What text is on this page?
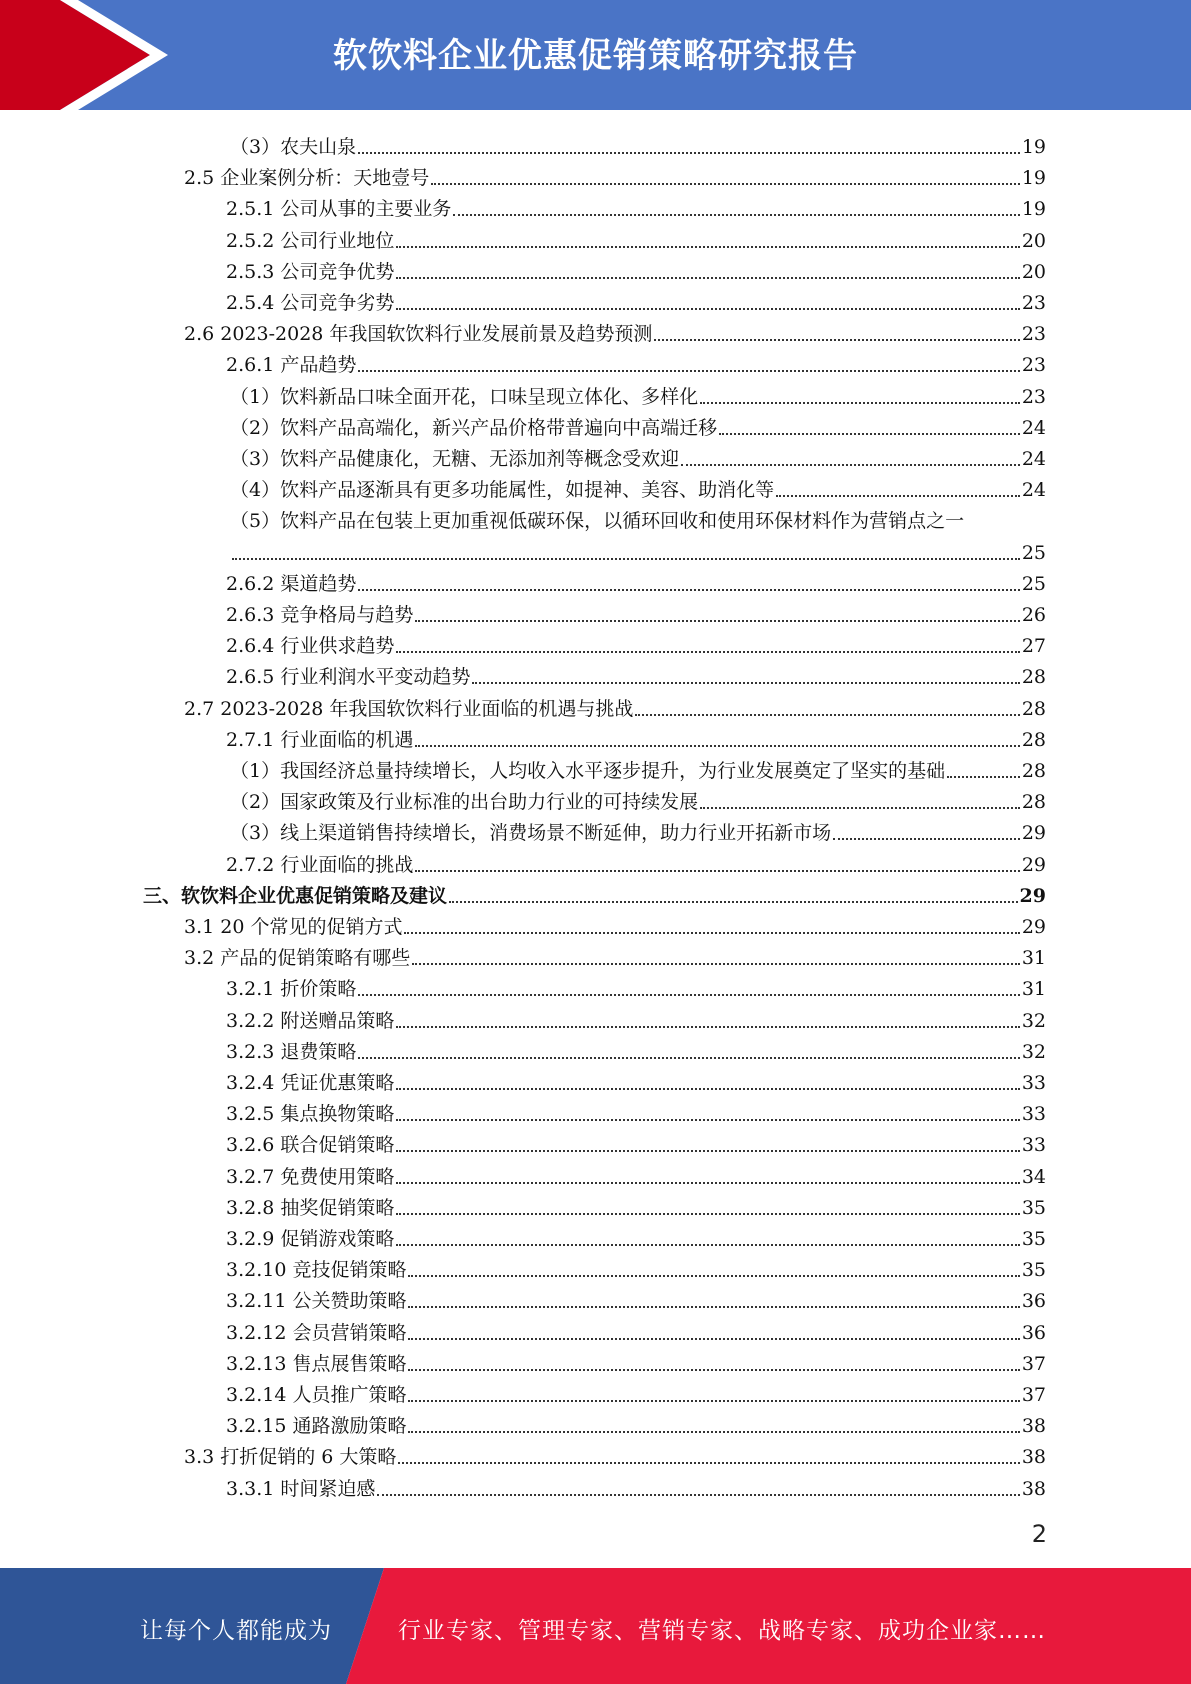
软饮料企业优惠促销策略研究报告
（3）农夫山泉	19
2.5 企业案例分析：天地壹号	19
2.5.1 公司从事的主要业务	19
2.5.2 公司行业地位	20
2.5.3 公司竞争优势	20
2.5.4 公司竞争劣势	23
2.6 2023-2028 年我国软饮料行业发展前景及趋势预测	23
2.6.1 产品趋势	23
（1）饮料新品口味全面开花，口味呈现立体化、多样化	23
（2）饮料产品高端化，新兴产品价格带普遍向中高端迁移	24
（3）饮料产品健康化，无糖、无添加剂等概念受欢迎	24
（4）饮料产品逐渐具有更多功能属性，如提神、美容、助消化等	24
（5）饮料产品在包装上更加重视低碳环保，以循环回收和使用环保材料作为营销点之一
25
2.6.2 渠道趋势	25
2.6.3 竞争格局与趋势	26
2.6.4 行业供求趋势	27
2.6.5 行业利润水平变动趋势	28
2.7 2023-2028 年我国软饮料行业面临的机遇与挑战	28
2.7.1 行业面临的机遇	28
（1）我国经济总量持续增长，人均收入水平逐步提升，为行业发展奠定了坚实的基础	28
（2）国家政策及行业标准的出台助力行业的可持续发展	28
（3）线上渠道销售持续增长，消费场景不断延伸，助力行业开拓新市场	29
2.7.2 行业面临的挑战	29
三、软饮料企业优惠促销策略及建议	29
3.1 20 个常见的促销方式	29
3.2 产品的促销策略有哪些	31
3.2.1 折价策略	31
3.2.2 附送赠品策略	32
3.2.3 退费策略	32
3.2.4 凭证优惠策略	33
3.2.5 集点换物策略	33
3.2.6 联合促销策略	33
3.2.7 免费使用策略	34
3.2.8 抽奖促销策略	35
3.2.9 促销游戏策略	35
3.2.10 竞技促销策略	35
3.2.11 公关赞助策略	36
3.2.12 会员营销策略	36
3.2.13 售点展售策略	37
3.2.14 人员推广策略	37
3.2.15 通路激励策略	38
3.3 打折促销的 6 大策略	38
3.3.1 时间紧迫感	38
2
让每个人都能成为	行业专家、管理专家、营销专家、战略专家、成功企业家……
